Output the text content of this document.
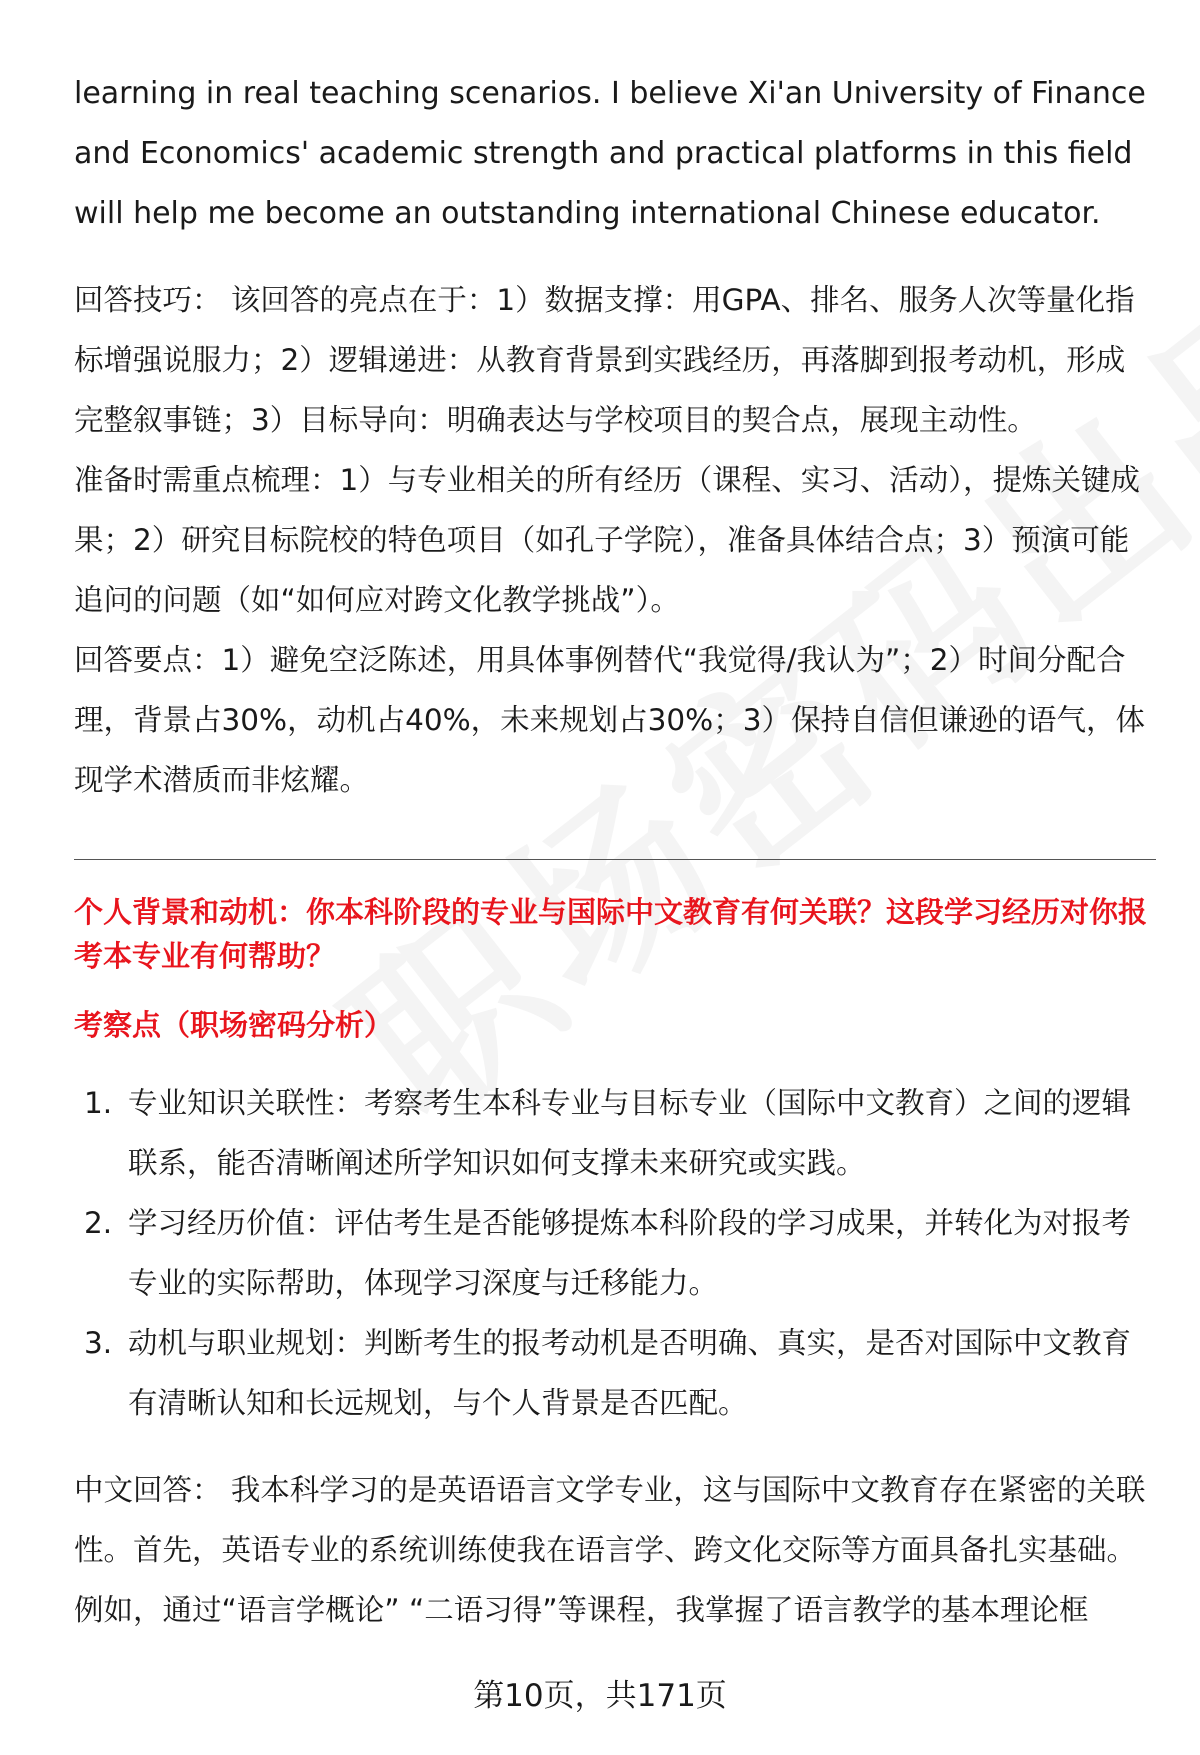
learning in real teaching scenarios. I believe Xi'an University of Finance and Economics' academic strength and practical platforms in this field will help me become an outstanding international Chinese educator.

回答技巧： 该回答的亮点在于：1）数据支撑：用GPA、排名、服务人次等量化指标增强说服力；2）逻辑递进：从教育背景到实践经历，再落脚到报考动机，形成完整叙事链；3）目标导向：明确表达与学校项目的契合点，展现主动性。

准备时需重点梳理：1）与专业相关的所有经历（课程、实习、活动），提炼关键成果；2）研究目标院校的特色项目（如孔子学院），准备具体结合点；3）预演可能追问的问题（如“如何应对跨文化教学挑战”）。

回答要点：1）避免空泛陈述，用具体事例替代“我觉得/我认为”；2）时间分配合理，背景占30%，动机占40%，未来规划占30%；3）保持自信但谦逊的语气，体现学术潜质而非炫耀。

个人背景和动机：你本科阶段的专业与国际中文教育有何关联？这段学习经历对你报考本专业有何帮助？

考察点（职场密码分析）

1. 专业知识关联性：考察考生本科专业与目标专业（国际中文教育）之间的逻辑联系，能否清晰阐述所学知识如何支撑未来研究或实践。

2. 学习经历价值：评估考生是否能够提炼本科阶段的学习成果，并转化为对报考专业的实际帮助，体现学习深度与迁移能力。

3. 动机与职业规划：判断考生的报考动机是否明确、真实，是否对国际中文教育有清晰认知和长远规划，与个人背景是否匹配。

中文回答： 我本科学习的是英语语言文学专业，这与国际中文教育存在紧密的关联性。首先，英语专业的系统训练使我在语言学、跨文化交际等方面具备扎实基础。例如，通过“语言学概论” “二语习得”等课程，我掌握了语言教学的基本理论框

第10页，共171页
